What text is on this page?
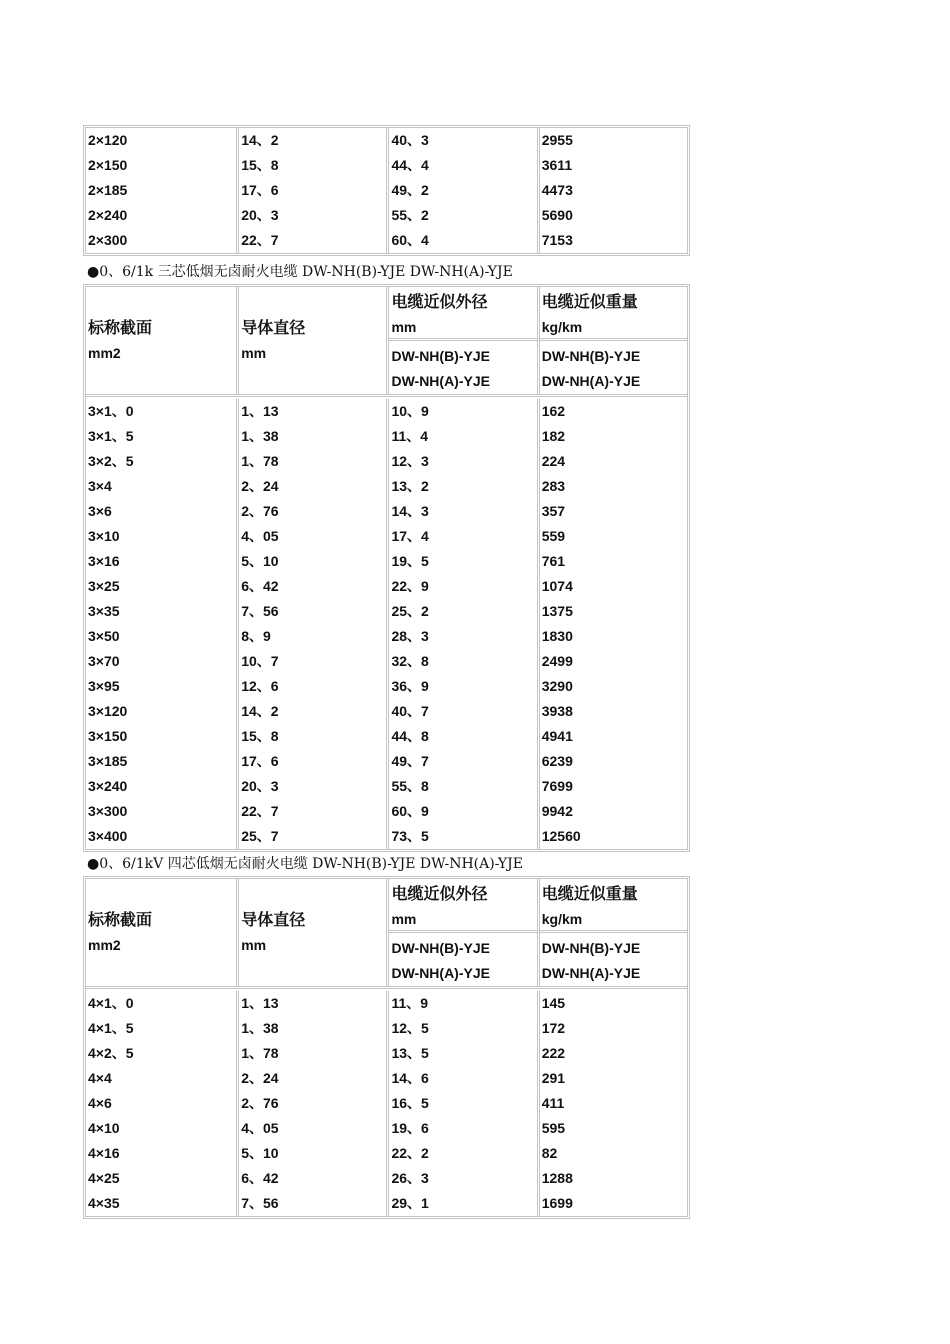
2×120
2×150
2×185
2×240
2×300
14、2
15、8
17、6
20、3
22、7
40、3
44、4
49、2
55、2
60、4
2955
3611
4473
5690
7153
●0、6/1k 三芯低烟无卤耐火电缆 DW-NH(B)-YJE DW-NH(A)-YJE
标称截面
mm2
导体直径
mm
电缆近似外径
mm
DW-NH(B)-YJE
DW-NH(A)-YJE
电缆近似重量
kg/km
DW-NH(B)-YJE
DW-NH(A)-YJE
3×1、0
3×1、5
3×2、5
3×4
3×6
3×10
3×16
3×25
3×35
3×50
3×70
3×95
3×120
3×150
3×185
3×240
3×300
3×400
1、13
1、38
1、78
2、24
2、76
4、05
5、10
6、42
7、56
8、9
10、7
12、6
14、2
15、8
17、6
20、3
22、7
25、7
10、9
11、4
12、3
13、2
14、3
17、4
19、5
22、9
25、2
28、3
32、8
36、9
40、7
44、8
49、7
55、8
60、9
73、5
162
182
224
283
357
559
761
1074
1375
1830
2499
3290
3938
4941
6239
7699
9942
12560
●0、6/1kV 四芯低烟无卤耐火电缆 DW-NH(B)-YJE DW-NH(A)-YJE
标称截面
mm2
导体直径
mm
电缆近似外径
mm
DW-NH(B)-YJE
DW-NH(A)-YJE
电缆近似重量
kg/km
DW-NH(B)-YJE
DW-NH(A)-YJE
4×1、0
4×1、5
4×2、5
4×4
4×6
4×10
4×16
4×25
4×35
1、13
1、38
1、78
2、24
2、76
4、05
5、10
6、42
7、56
11、9
12、5
13、5
14、6
16、5
19、6
22、2
26、3
29、1
145
172
222
291
411
595
82
1288
1699
